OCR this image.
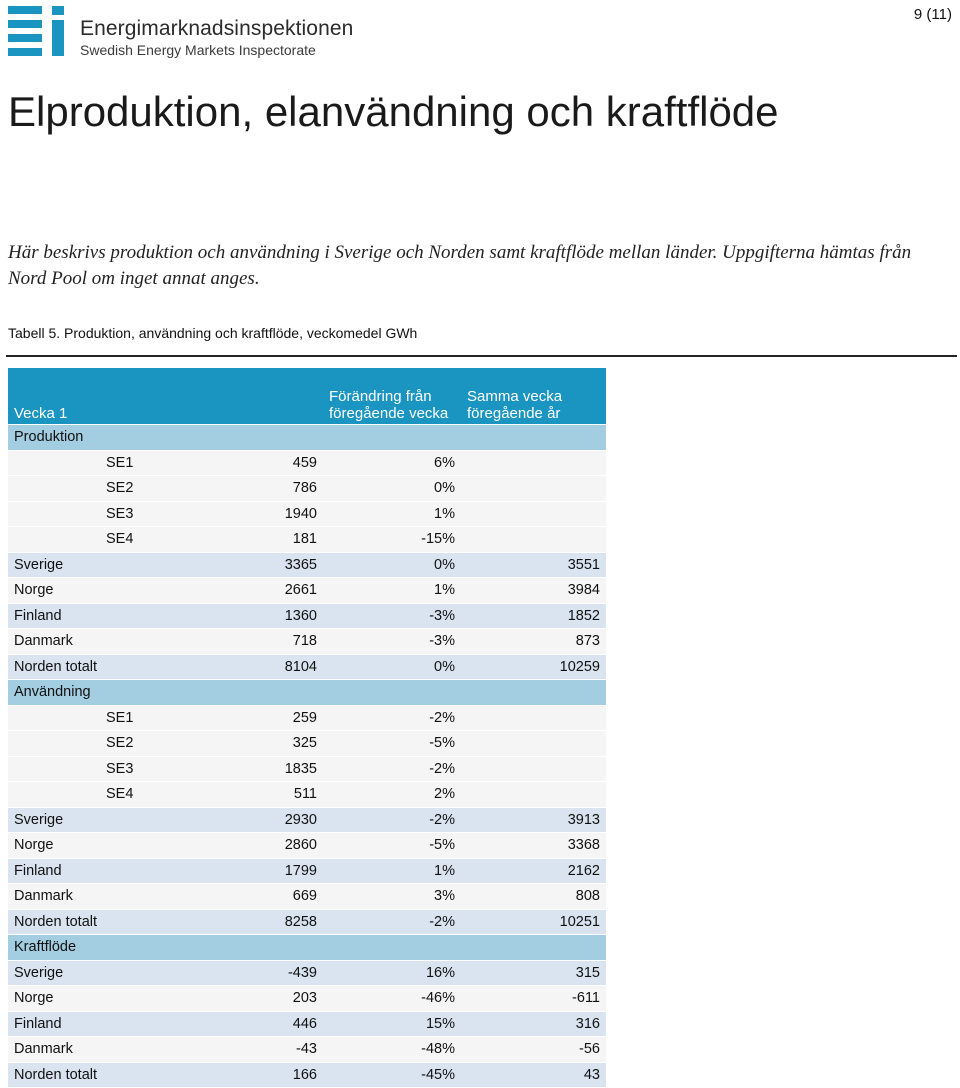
Energimarknadsinspektionen
Swedish Energy Markets Inspectorate
9 (11)
Elproduktion, elanvändning och kraftflöde

Här beskrivs produktion och användning i Sverige och Norden samt kraftflöde mellan länder. Uppgifterna hämtas från Nord Pool om inget annat anges.

Tabell 5. Produktion, användning och kraftflöde, veckomedel GWh

Vecka 1			Förändring från föregående vecka	Samma vecka föregående år

Produktion				
	SE1	459	6%	
	SE2	786	0%	
	SE3	1940	1%	
	SE4	181	-15%	
Sverige		3365	0%	3551
Norge		2661	1%	3984
Finland		1360	-3%	1852
Danmark		718	-3%	873
Norden totalt		8104	0%	10259
Användning				
	SE1	259	-2%	
	SE2	325	-5%	
	SE3	1835	-2%	
	SE4	511	2%	
Sverige		2930	-2%	3913
Norge		2860	-5%	3368
Finland		1799	1%	2162
Danmark		669	3%	808
Norden totalt		8258	-2%	10251
Kraftflöde				
Sverige		-439	16%	315
Norge		203	-46%	-611
Finland		446	15%	316
Danmark		-43	-48%	-56
Norden totalt		166	-45%	43
